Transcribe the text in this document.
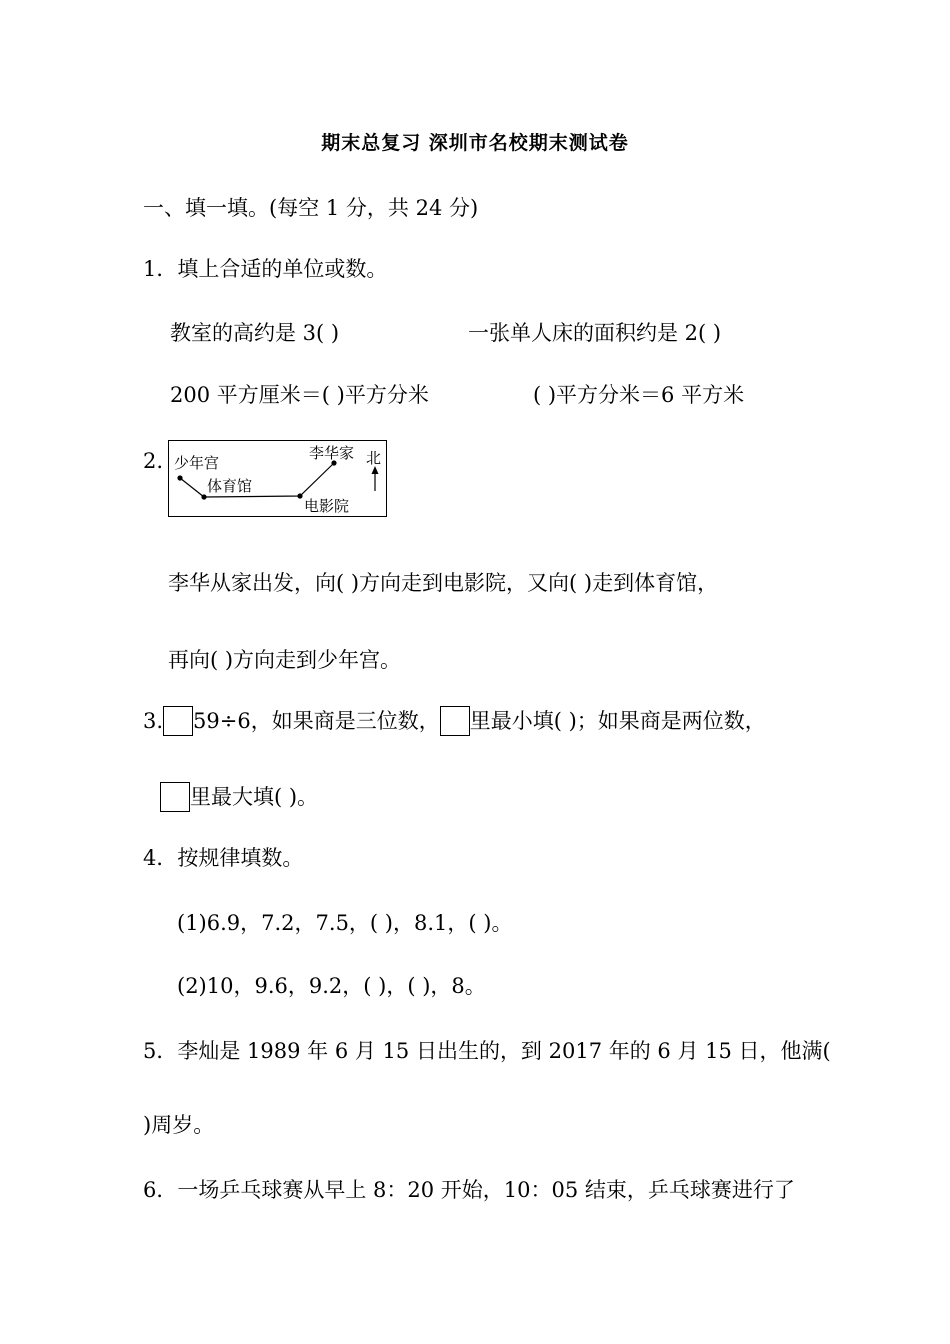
期末总复习 深圳市名校期末测试卷
一、填一填。(每空 1 分，共 24 分)
1．填上合适的单位或数。
教室的高约是 3( )	一张单人床的面积约是 2( )
200 平方厘米＝( )平方分米	( )平方分米＝6 平方米
2. 少年宫
体育馆
电影院
李华家 北
李华从家出发，向( )方向走到电影院，又向( )走到体育馆，
再向( )方向走到少年宫。
3. 59÷6，如果商是三位数， 里最小填( )；如果商是两位数，
里最大填( )。
4．按规律填数。
(1)6.9，7.2，7.5，( )，8.1，( )。
(2)10，9.6，9.2，( )，( )，8。
5．李灿是 1989 年 6 月 15 日出生的，到 2017 年的 6 月 15 日，他满(
)周岁。
6．一场乒乓球赛从早上 8：20 开始，10：05 结束，乒乓球赛进行了
